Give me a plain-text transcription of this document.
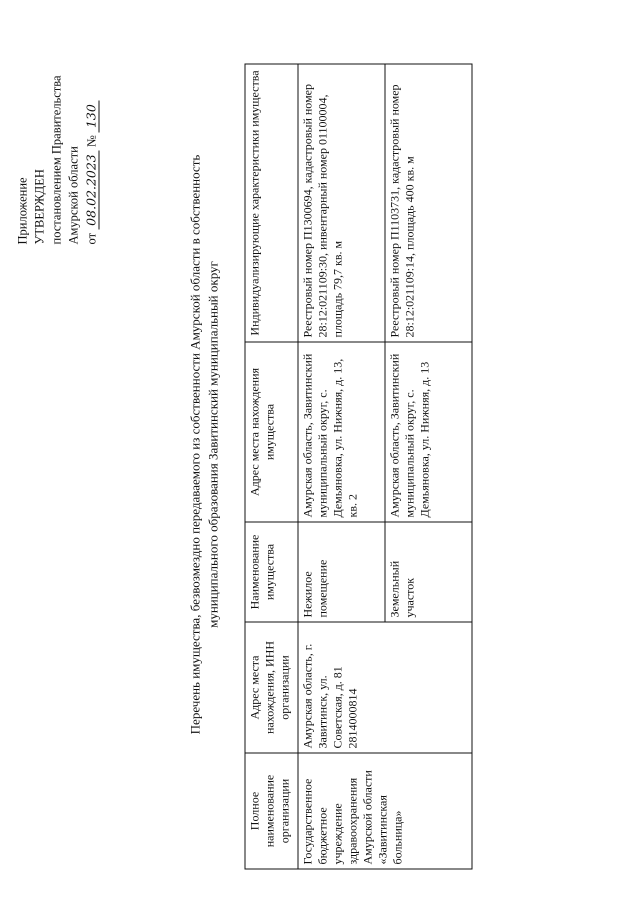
Приложение УТВЕРЖДЕН постановлением Правительства Амурской области от 08.02.2023 № 130
Перечень имущества, безвозмездно передаваемого из собственности Амурской области в собственность муниципального образования Завитинский муниципальный округ
Полное наименование организации	Адрес места нахождения, ИНН организации	Наименование имущества	Адрес места нахождения имущества	Индивидуализирующие характеристики имущества
Государственное бюджетное учреждение здравоохранения Амурской области «Завитинская больница»	Амурская область, г. Завитинск, ул. Советская, д. 81 2814000814	Нежилое помещение	Амурская область, Завитинский муниципальный округ, с. Демьяновка, ул. Нижняя, д. 13, кв. 2	Реестровый номер П1300694, кадастровый номер 28:12:021109:30, инвентарный номер 01100004, площадь 79,7 кв. м
		Земельный участок	Амурская область, Завитинский муниципальный округ, с. Демьяновка, ул. Нижняя, д. 13	Реестровый номер П1103731, кадастровый номер 28:12:021109:14, площадь 400 кв. м
